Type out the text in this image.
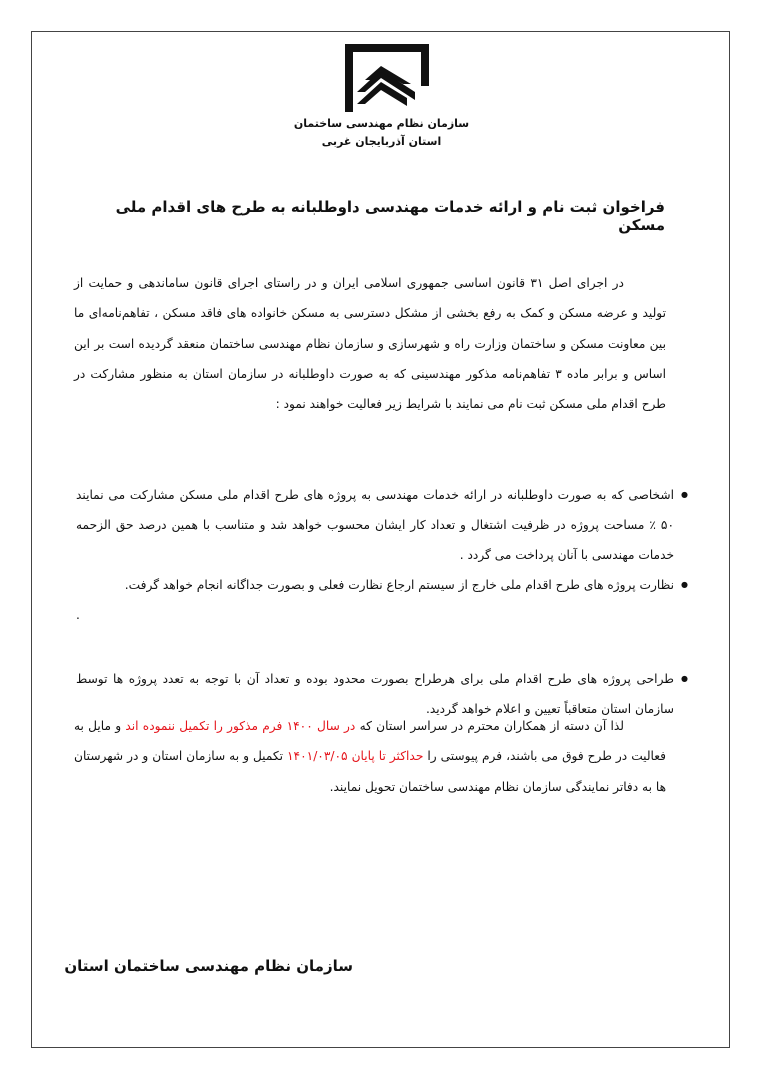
سازمان نظام مهندسی ساختمان
استان آذربایجان غربی
فراخوان ثبت نام و ارائه خدمات مهندسی داوطلبانه به طرح های اقدام ملی مسکن
در اجرای اصل ۳۱ قانون اساسی جمهوری اسلامی ایران و در راستای اجرای قانون ساماندهی و حمایت از تولید و عرضه مسکن و کمک به رفع بخشی از مشکل دسترسی به مسکن خانواده های فاقد مسکن ، تفاهم‌نامه‌ای ما بین معاونت مسکن و ساختمان وزارت راه و شهرسازی و سازمان نظام مهندسی ساختمان منعقد گردیده است بر این اساس و برابر ماده ۳ تفاهم‌نامه مذکور مهندسینی که به صورت داوطلبانه در سازمان استان به منظور مشارکت در طرح اقدام ملی مسکن ثبت نام می نمایند با شرایط زیر فعالیت خواهند نمود :
● اشخاصی که به صورت داوطلبانه در ارائه خدمات مهندسی به پروژه های طرح اقدام ملی مسکن مشارکت می نمایند ۵۰ ٪ مساحت پروژه در ظرفیت اشتغال و تعداد کار ایشان محسوب خواهد شد و متناسب با همین درصد حق الزحمه خدمات مهندسی با آنان پرداخت می گردد .
● نظارت پروژه های طرح اقدام ملی خارج از سیستم ارجاع نظارت فعلی و بصورت جداگانه انجام خواهد گرفت.
.
● طراحی پروژه های طرح اقدام ملی برای هرطراح بصورت محدود بوده و تعداد آن با توجه به تعدد پروژه ها توسط سازمان استان متعاقباً تعیین و اعلام خواهد گردید.
لذا آن دسته از همکاران محترم در سراسر استان که در سال ۱۴۰۰ فرم مذکور را تکمیل ننموده اند و مایل به فعالیت در طرح فوق می باشند، فرم پیوستی را حداکثر تا پایان ۱۴۰۱/۰۳/۰۵ تکمیل و به سازمان استان و در شهرستان ها به دفاتر نمایندگی سازمان نظام مهندسی ساختمان تحویل نمایند.
سازمان نظام مهندسی ساختمان استان
